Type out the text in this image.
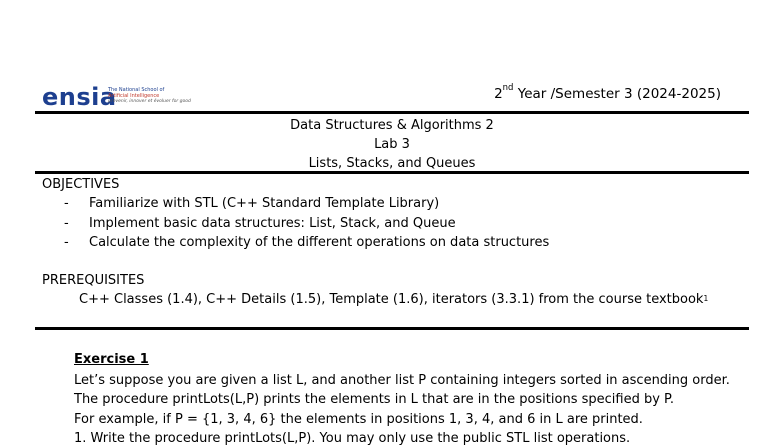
ensia
The National School of
Artificial Intelligence
prevenir, innover et évoluer for good	2nd Year /Semester 3 (2024-2025)
Data Structures & Algorithms 2
Lab 3
Lists, Stacks, and Queues
OBJECTIVES
- Familiarize with STL (C++ Standard Template Library)
- Implement basic data structures: List, Stack, and Queue
- Calculate the complexity of the different operations on data structures
PREREQUISITES
C++ Classes (1.4), C++ Details (1.5), Template (1.6), iterators (3.3.1) from the course textbook$^1$
Exercise 1
Let’s suppose you are given a list L, and another list P containing integers sorted in ascending order.
The procedure printLots(L,P) prints the elements in L that are in the positions specified by P.
For example, if P = {1, 3, 4, 6} the elements in positions 1, 3, 4, and 6 in L are printed.
1. Write the procedure printLots(L,P). You may only use the public STL list operations.
